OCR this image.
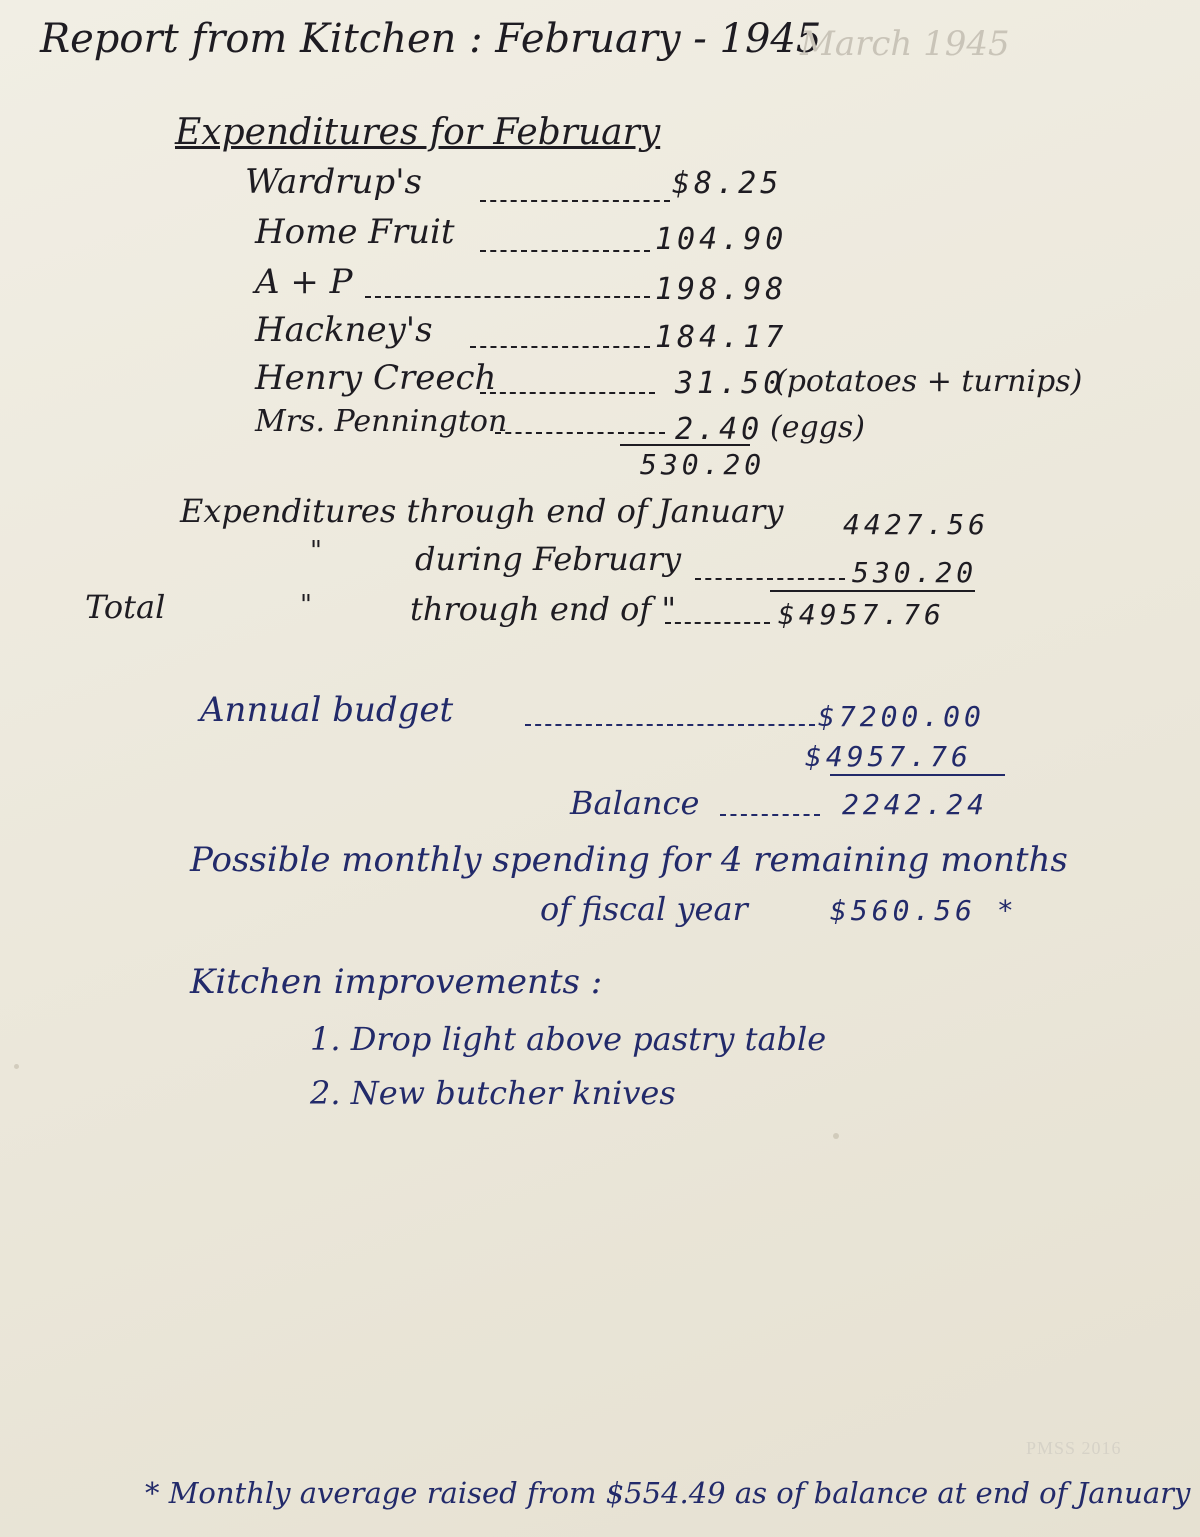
Report from Kitchen : February - 1945
March 1945
Expenditures for February
Wardrup's	$8.25
Home Fruit	104.90
A + P	198.98
Hackney's	184.17
Henry Creech	31.50
(potatoes + turnips)
Mrs. Pennington	2.40 (eggs)
530.20
Expenditures through end of January 4427.56
"	during February	530.20
Total	"	through end of "	$4957.76
Annual budget	$7200.00
$4957.76
Balance	2242.24
Possible monthly spending for 4 remaining months
of fiscal year	$560.56 *
Kitchen improvements :
1. Drop light above pastry table
2. New butcher knives
PMSS 2016
* Monthly average raised from $554.49 as of balance at end of January
